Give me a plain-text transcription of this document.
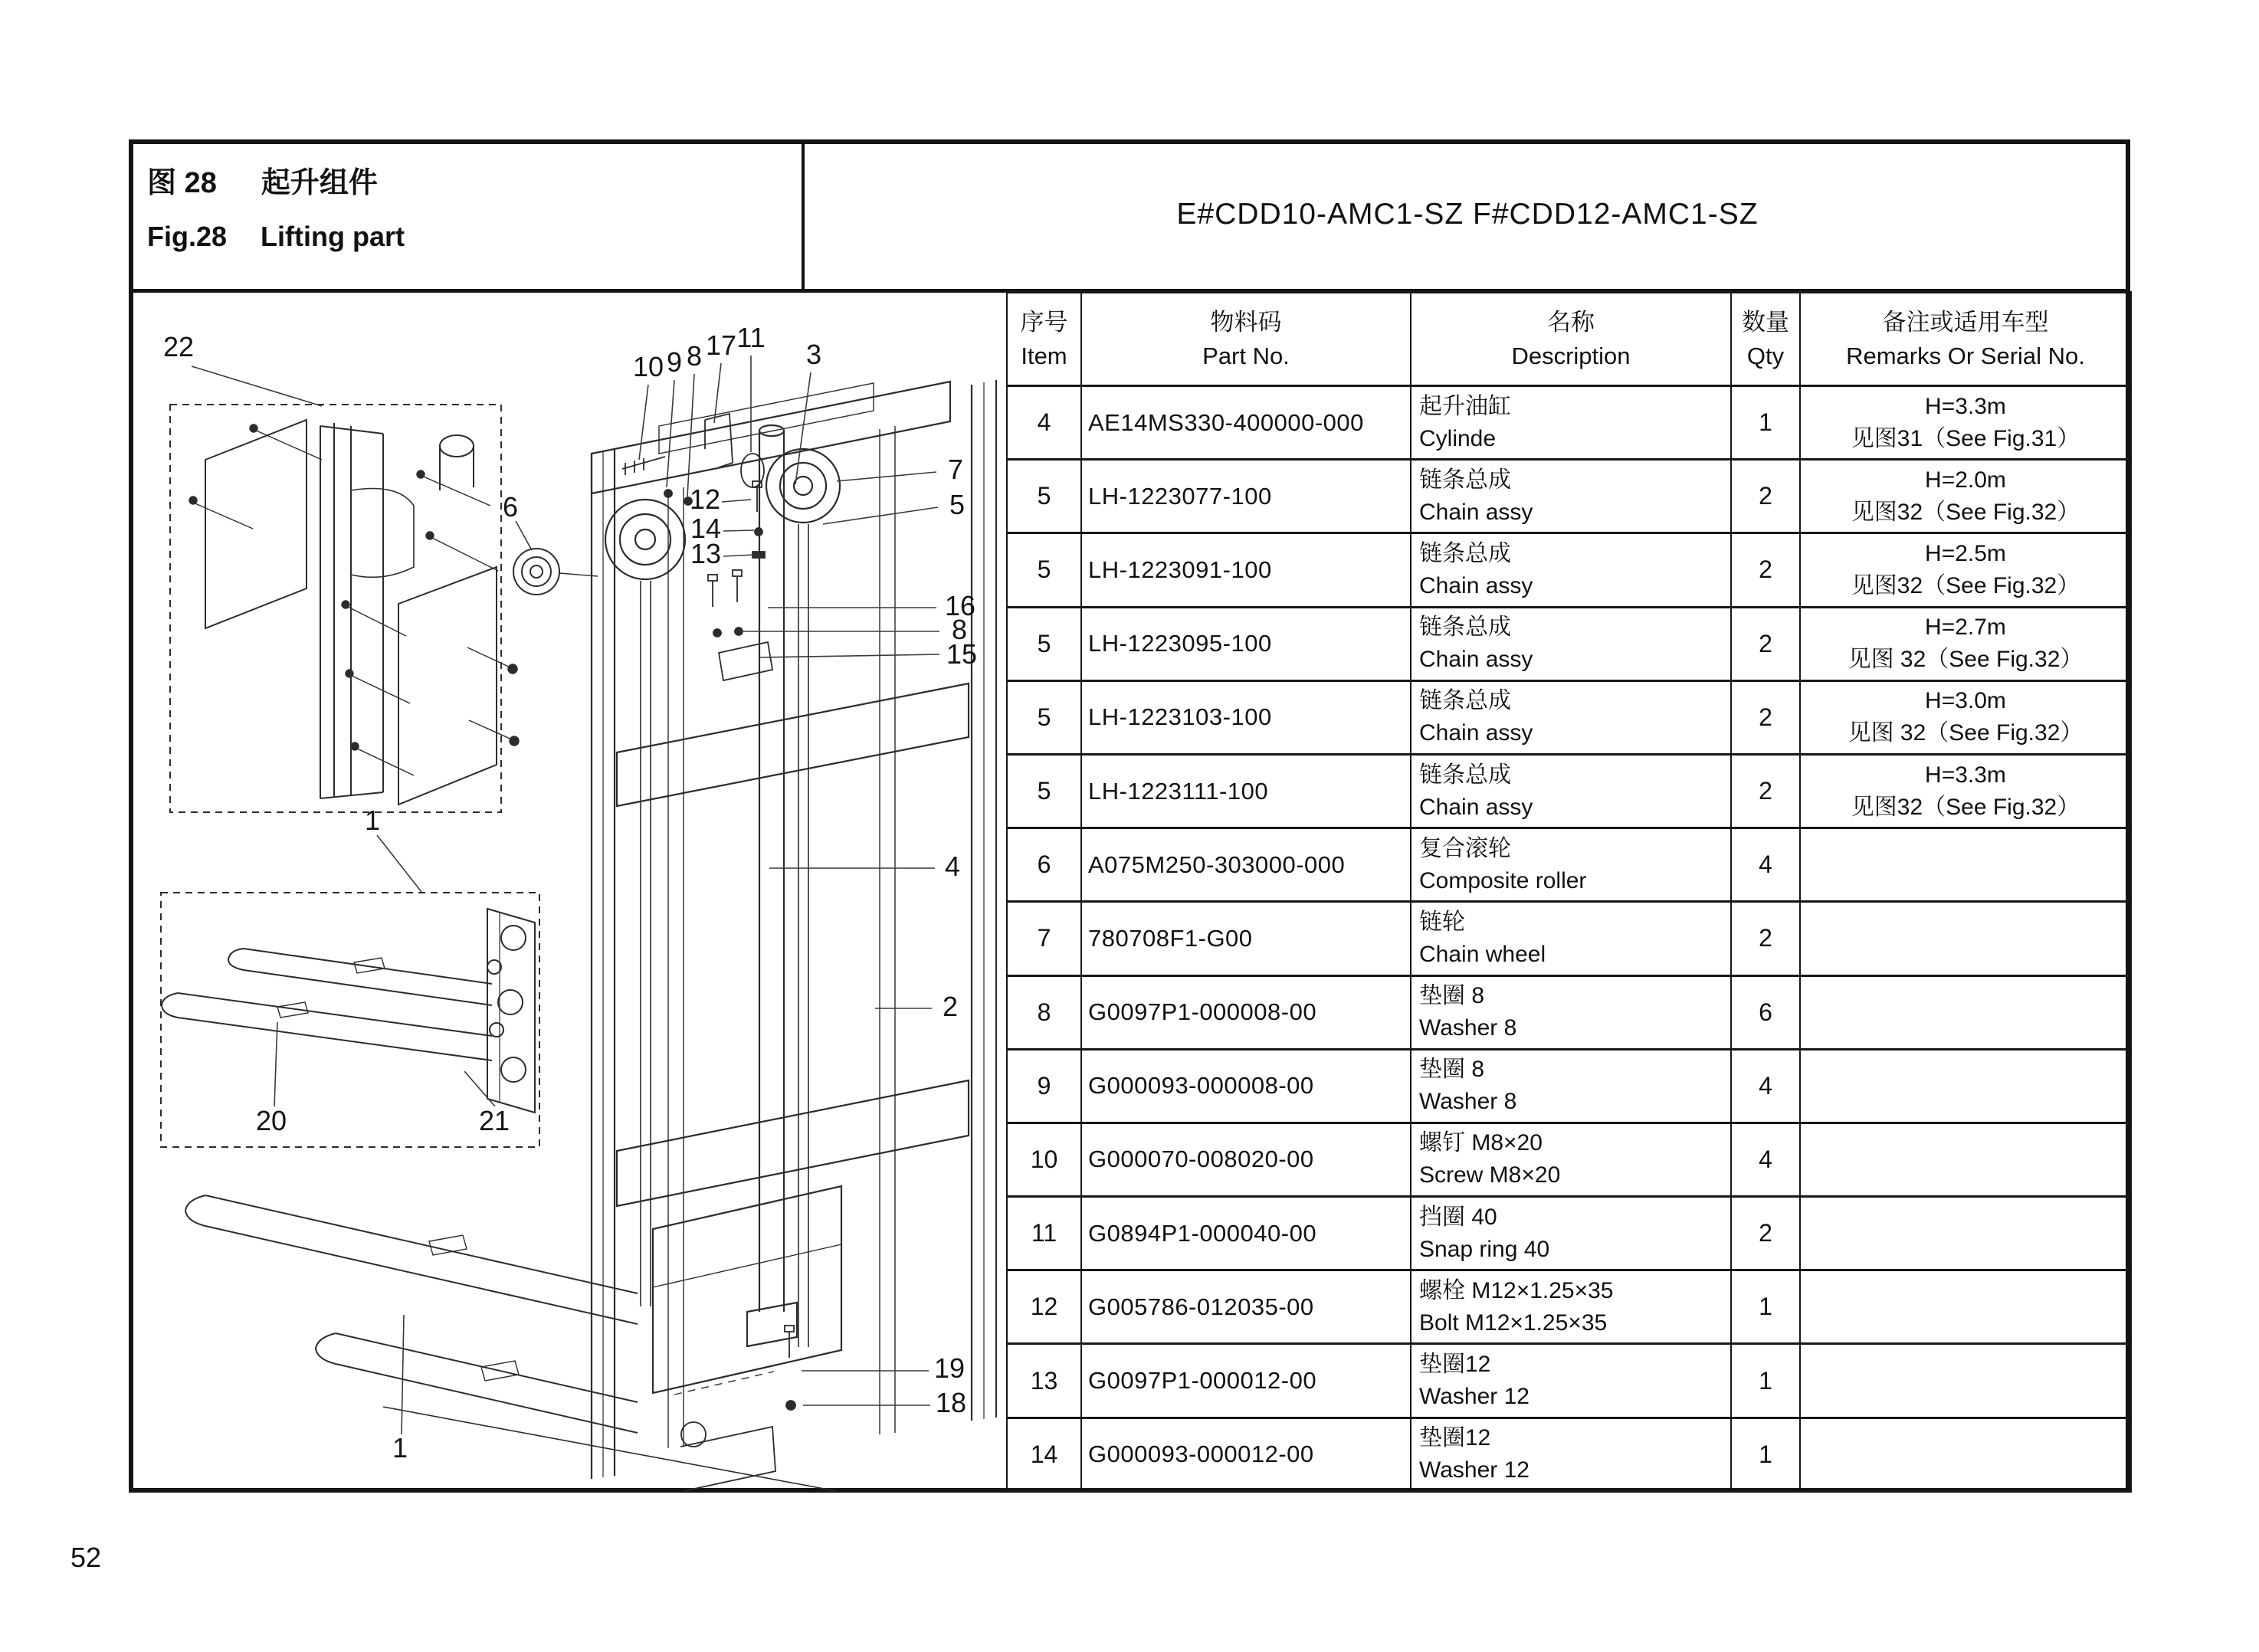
图 28 起升组件
Fig.28 Lifting part
E#CDD10-AMC1-SZ F#CDD12-AMC1-SZ
22
10 9 8 17 11
3
7
5
6
16
8
15
12
14
13
4
2
1
20	21
19
18
1
序号
Item

物料码
Part No.

名称
Description

数量
Qty

备注或适用车型
Remarks Or Serial No.

4	AE14MS330-400000-000	
起升油缸
Cylinde
	1	
H=3.3m
见图31（See Fig.31）

5	LH-1223077-100	
链条总成
Chain assy
	2	
H=2.0m
见图32（See Fig.32）

5	LH-1223091-100	
链条总成
Chain assy
	2	
H=2.5m
见图32（See Fig.32）

5	LH-1223095-100	
链条总成
Chain assy
	2	
H=2.7m
见图 32（See Fig.32）

5	LH-1223103-100	
链条总成
Chain assy
	2	
H=3.0m
见图 32（See Fig.32）

5	LH-1223111-100	
链条总成
Chain assy
	2	
H=3.3m
见图32（See Fig.32）

6	A075M250-303000-000	复合滚轮
Composite roller	4	
7	780708F1-G00	链轮
Chain wheel	2	
8	G0097P1-000008-00	垫圈 8
Washer 8	6	
9	G000093-000008-00	垫圈 8
Washer 8	4	
10	G000070-008020-00	螺钉 M8×20
Screw M8×20	4	
11	G0894P1-000040-00	挡圈 40
Snap ring 40	2	
12	G005786-012035-00	螺栓 M12×1.25×35
Bolt M12×1.25×35	1	
13	G0097P1-000012-00	垫圈12
Washer 12	1	
14	G000093-000012-00	垫圈12
Washer 12	1	
52
